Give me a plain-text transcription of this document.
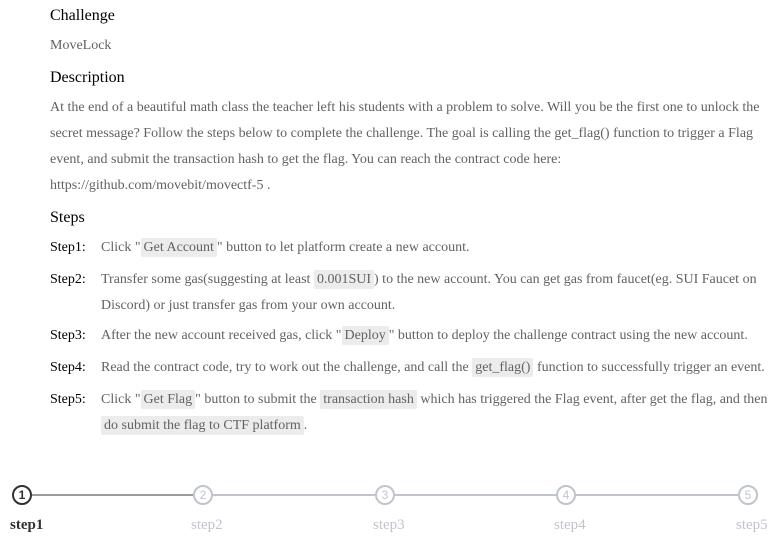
Challenge
MoveLock
Description
At the end of a beautiful math class the teacher left his students with a problem to solve. Will you be the first one to unlock the secret message? Follow the steps below to complete the challenge. The goal is calling the get_flag() function to trigger a Flag event, and submit the transaction hash to get the flag. You can reach the contract code here:
https://github.com/movebit/movectf-5 .
Steps
Step1:	Click " Get Account " button to let platform create a new account.
Step2:	Transfer some gas(suggesting at least 0.001SUI ) to the new account. You can get gas from faucet(eg. SUI Faucet on Discord) or just transfer gas from your own account.
Step3:	After the new account received gas, click " Deploy " button to deploy the challenge contract using the new account.
Step4:	Read the contract code, try to work out the challenge, and call the get_flag() function to successfully trigger an event.
Step5:	Click " Get Flag " button to submit the transaction hash which has triggered the Flag event, after get the flag, and then do submit the flag to CTF platform .
1	2	3	4	5
step1	step2	step3	step4	step5
